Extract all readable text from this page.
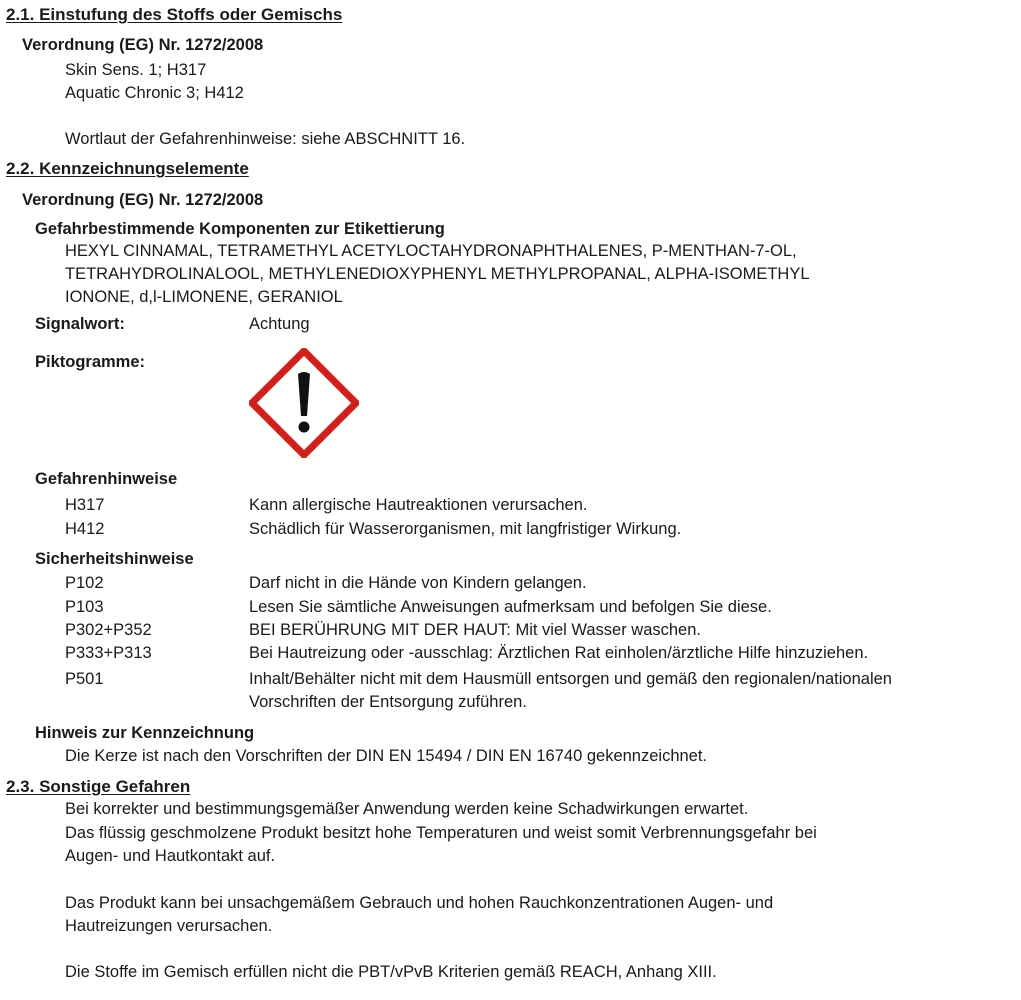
2.1. Einstufung des Stoffs oder Gemischs
Verordnung (EG) Nr. 1272/2008
Skin Sens. 1; H317
Aquatic Chronic 3; H412
Wortlaut der Gefahrenhinweise: siehe ABSCHNITT 16.
2.2. Kennzeichnungselemente
Verordnung (EG) Nr. 1272/2008
Gefahrbestimmende Komponenten zur Etikettierung
HEXYL CINNAMAL, TETRAMETHYL ACETYLOCTAHYDRONAPHTHALENES, P-MENTHAN-7-OL,
TETRAHYDROLINALOOL, METHYLENEDIOXYPHENYL METHYLPROPANAL, ALPHA-ISOMETHYL
IONONE, d,l-LIMONENE, GERANIOL
Signalwort:	Achtung
Piktogramme:
Gefahrenhinweise
H317	Kann allergische Hautreaktionen verursachen.
H412	Schädlich für Wasserorganismen, mit langfristiger Wirkung.
Sicherheitshinweise
P102	Darf nicht in die Hände von Kindern gelangen.
P103	Lesen Sie sämtliche Anweisungen aufmerksam und befolgen Sie diese.
P302+P352	BEI BERÜHRUNG MIT DER HAUT: Mit viel Wasser waschen.
P333+P313	Bei Hautreizung oder -ausschlag: Ärztlichen Rat einholen/ärztliche Hilfe hinzuziehen.
P501	Inhalt/Behälter nicht mit dem Hausmüll entsorgen und gemäß den regionalen/nationalen
Vorschriften der Entsorgung zuführen.
Hinweis zur Kennzeichnung
Die Kerze ist nach den Vorschriften der DIN EN 15494 / DIN EN 16740 gekennzeichnet.
2.3. Sonstige Gefahren
Bei korrekter und bestimmungsgemäßer Anwendung werden keine Schadwirkungen erwartet.
Das flüssig geschmolzene Produkt besitzt hohe Temperaturen und weist somit Verbrennungsgefahr bei
Augen- und Hautkontakt auf.
Das Produkt kann bei unsachgemäßem Gebrauch und hohen Rauchkonzentrationen Augen- und
Hautreizungen verursachen.
Die Stoffe im Gemisch erfüllen nicht die PBT/vPvB Kriterien gemäß REACH, Anhang XIII.
